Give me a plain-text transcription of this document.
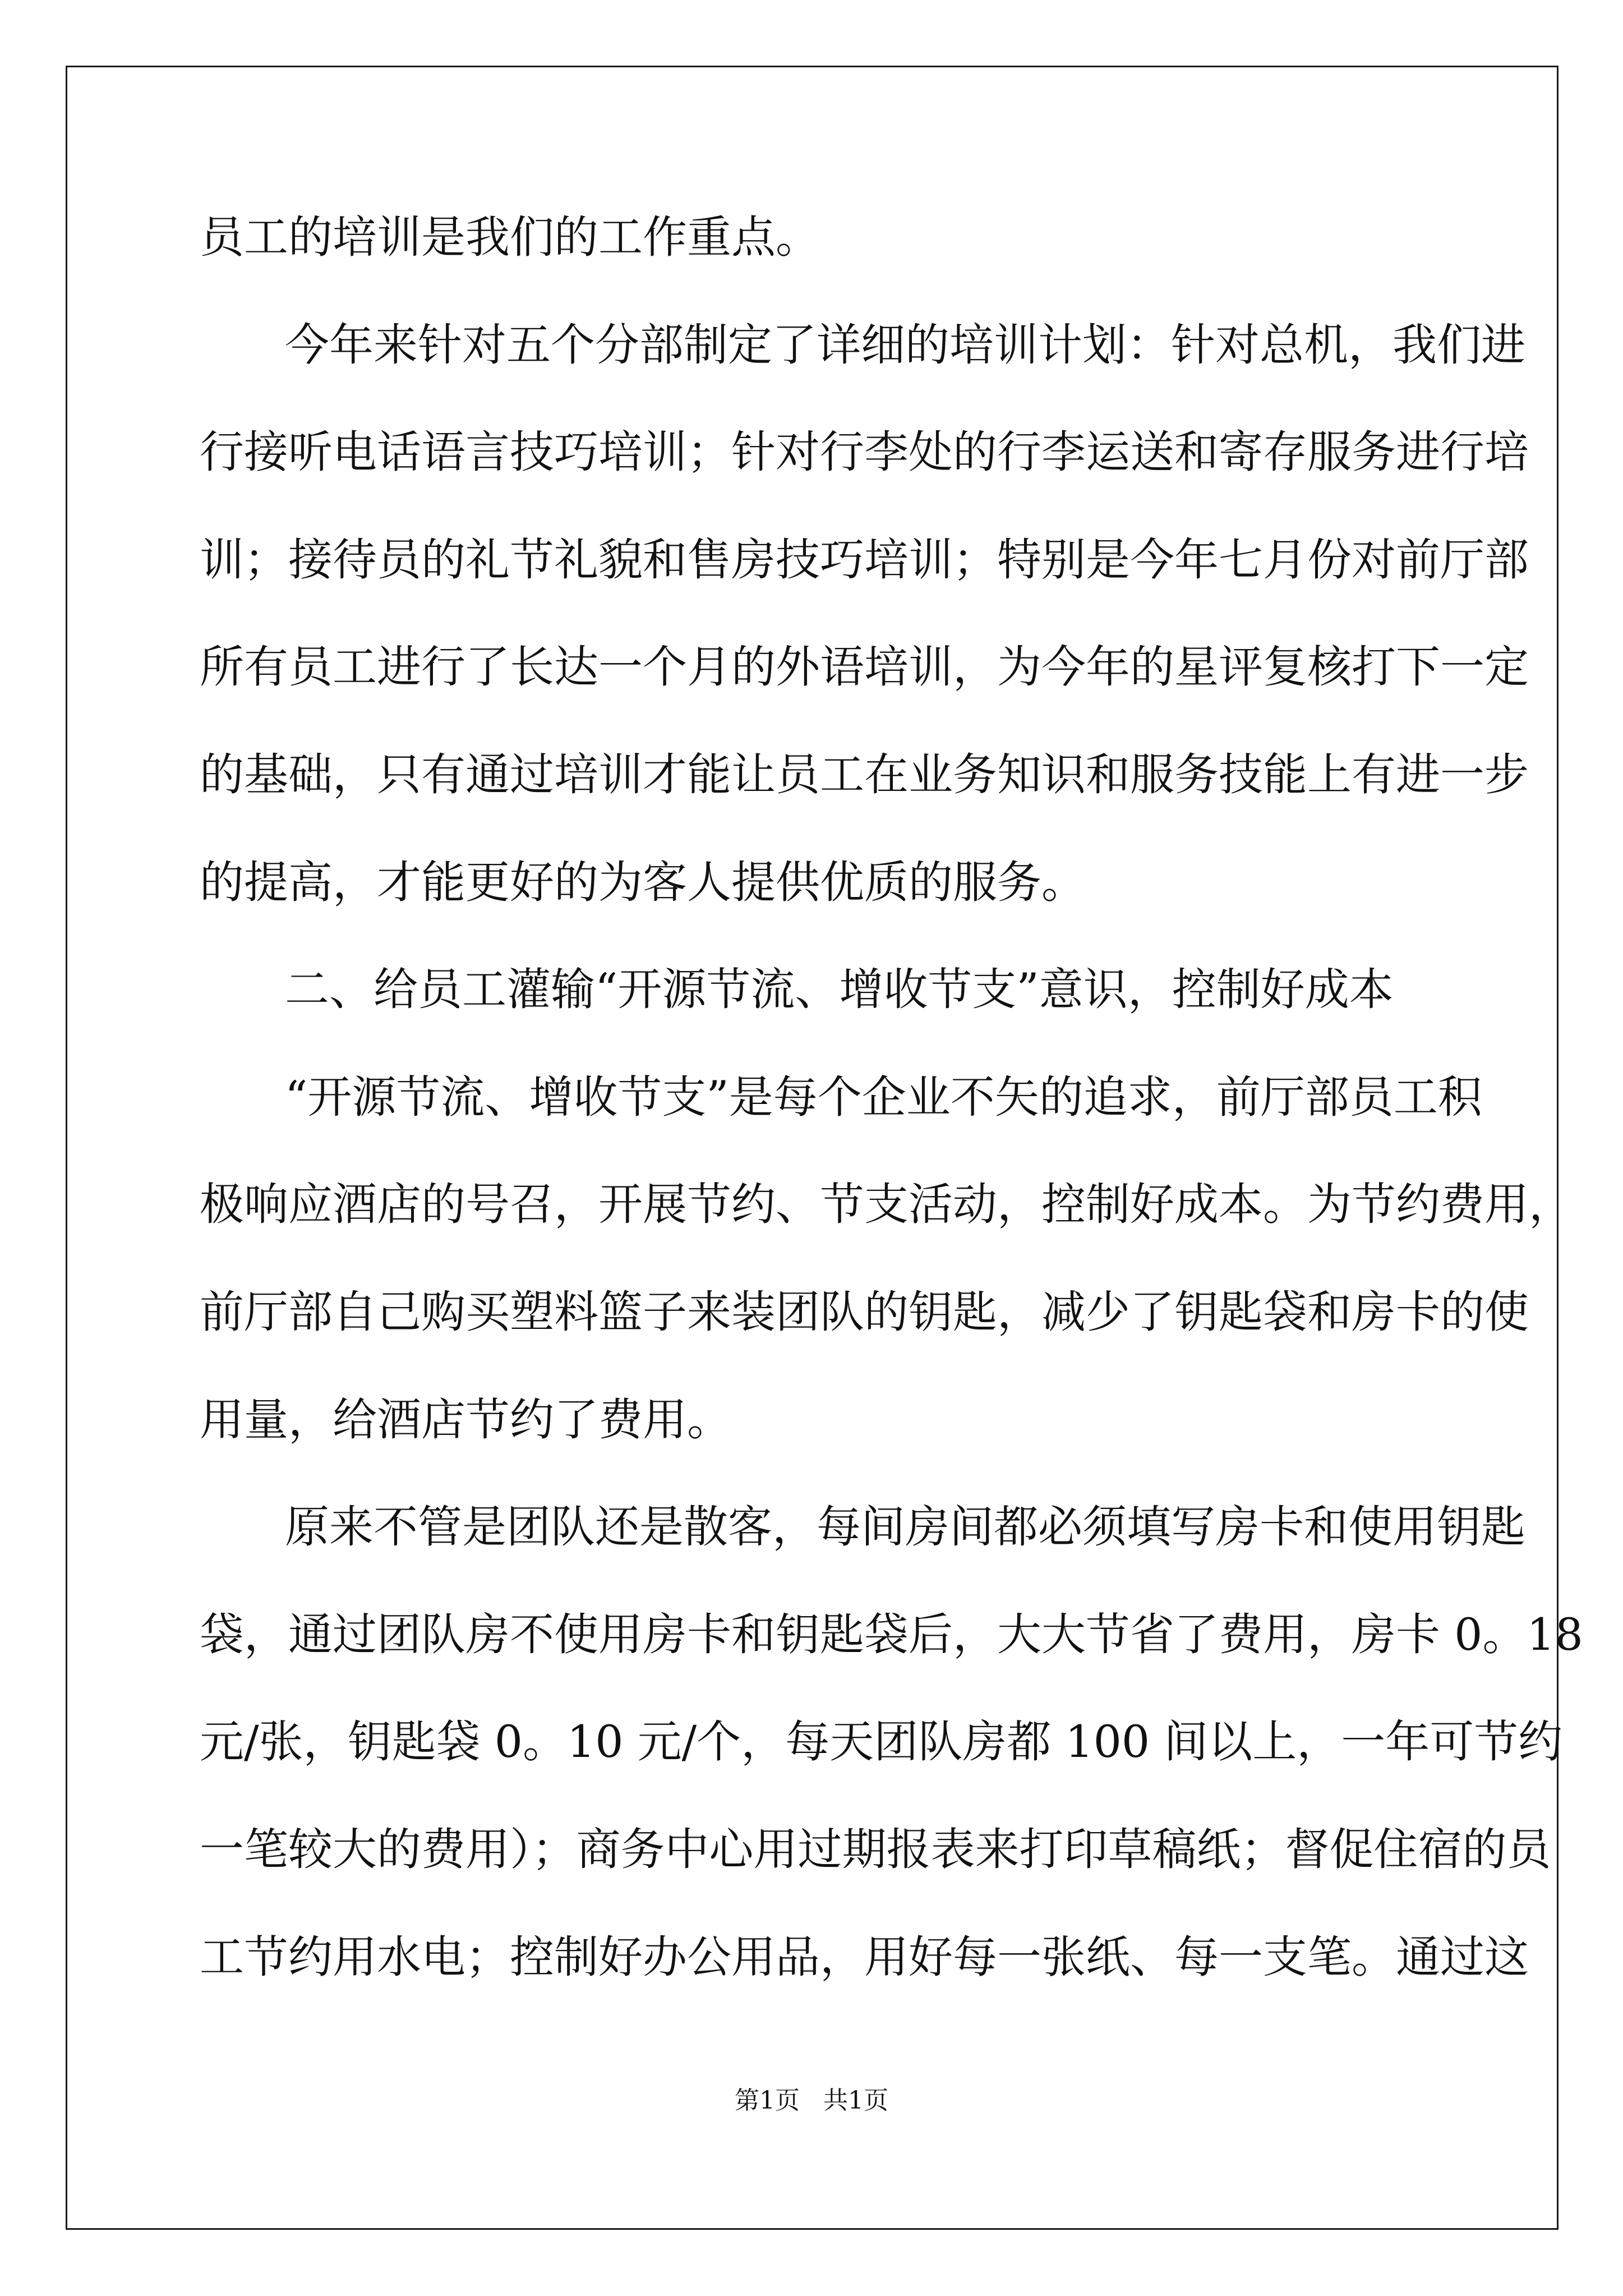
员工的培训是我们的工作重点。
今年来针对五个分部制定了详细的培训计划：针对总机，我们进
行接听电话语言技巧培训；针对行李处的行李运送和寄存服务进行培
训；接待员的礼节礼貌和售房技巧培训；特别是今年七月份对前厅部
所有员工进行了长达一个月的外语培训，为今年的星评复核打下一定
的基础，只有通过培训才能让员工在业务知识和服务技能上有进一步
的提高，才能更好的为客人提供优质的服务。
二、给员工灌输“开源节流、增收节支”意识，控制好成本
“开源节流、增收节支”是每个企业不矢的追求，前厅部员工积
极响应酒店的号召，开展节约、节支活动，控制好成本。为节约费用，
前厅部自己购买塑料篮子来装团队的钥匙，减少了钥匙袋和房卡的使
用量，给酒店节约了费用。
原来不管是团队还是散客，每间房间都必须填写房卡和使用钥匙
袋，通过团队房不使用房卡和钥匙袋后，大大节省了费用，房卡 0。18
元/张，钥匙袋 0。10 元/个，每天团队房都 100 间以上，一年可节约
一笔较大的费用）；商务中心用过期报表来打印草稿纸；督促住宿的员
工节约用水电；控制好办公用品，用好每一张纸、每一支笔。通过这
第1页   共1页
